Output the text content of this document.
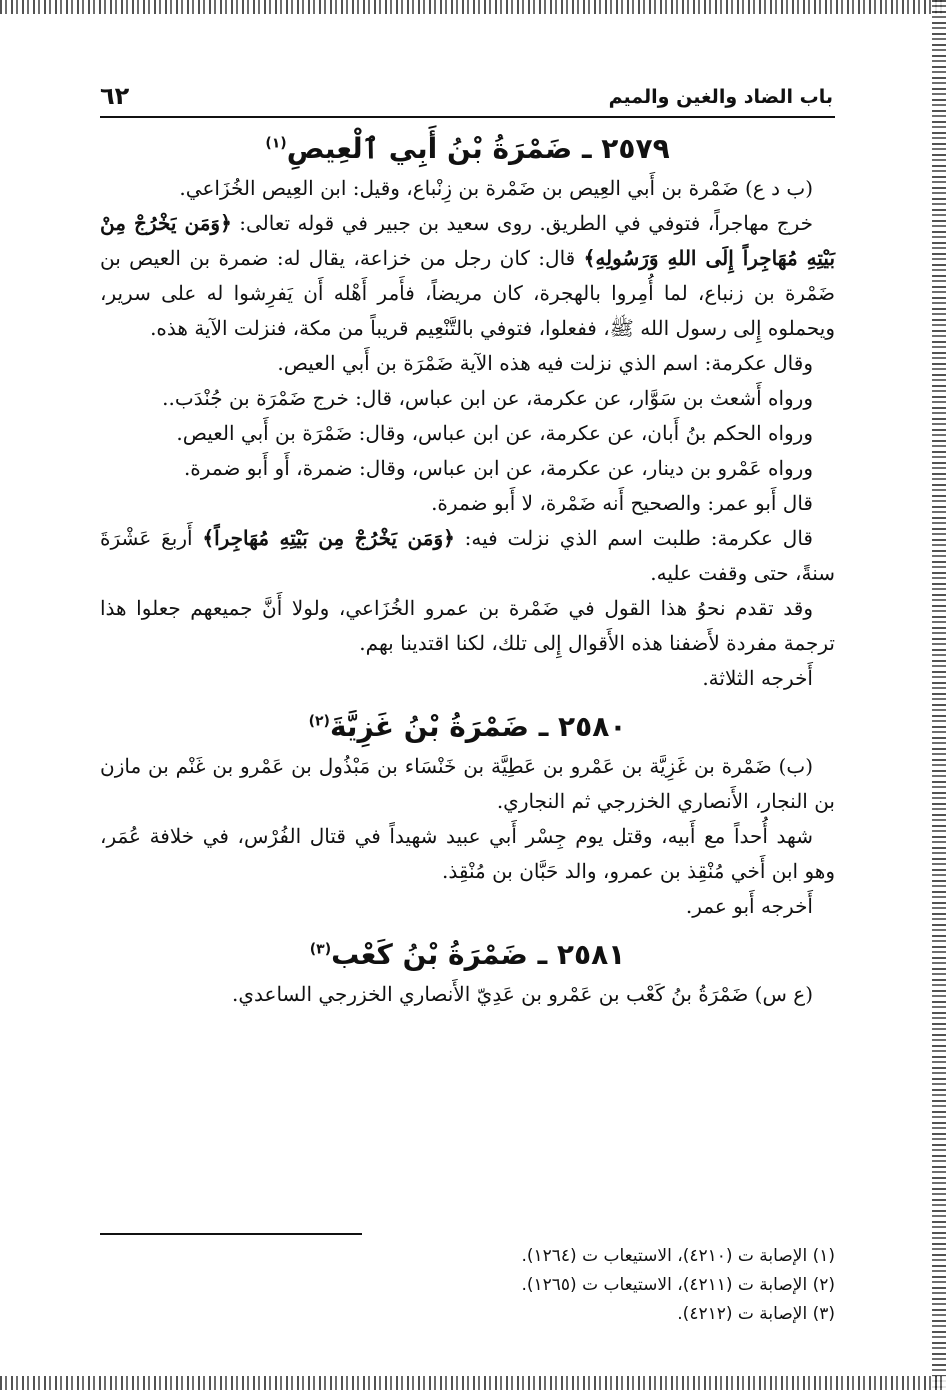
باب الضاد والغين والميم
٦٢
٢٥٧٩ ـ ضَمْرَةُ بْنُ أَبِي ٱلْعِيصِ$^{(١)}$

(ب د ع) ضَمْرة بن أَبي العِيص بن ضَمْرة بن زِنْباع، وقيل: ابن العِيص الخُزَاعي.

خرج مهاجراً، فتوفي في الطريق. روى سعيد بن جبير في قوله تعالى: ﴿وَمَن يَخْرُجْ مِنْ بَيْتِهِ مُهَاجِراً إِلَى اللهِ وَرَسُولِهِ﴾ قال: كان رجل من خزاعة، يقال له: ضمرة بن العيص بن ضَمْرة بن زنباع، لما أُمِروا بالهجرة، كان مريضاً، فأَمر أَهْله أَن يَفرِشوا له على سرير، ويحملوه إِلى رسول الله ﷺ، ففعلوا، فتوفي بالتَّنْعِيم قريباً من مكة، فنزلت الآية هذه.

وقال عكرمة: اسم الذي نزلت فيه هذه الآية ضَمْرَة بن أَبي العيص.

ورواه أَشعث بن سَوَّار، عن عكرمة، عن ابن عباس، قال: خرج ضَمْرَة بن جُنْدَب..

ورواه الحكم بنُ أَبان، عن عكرمة، عن ابن عباس، وقال: ضَمْرَة بن أَبي العيص.

ورواه عَمْرو بن دينار، عن عكرمة، عن ابن عباس، وقال: ضمرة، أَو أَبو ضمرة.

قال أَبو عمر: والصحيح أَنه ضَمْرة، لا أَبو ضمرة.

قال عكرمة: طلبت اسم الذي نزلت فيه: ﴿وَمَن يَخْرُجْ مِن بَيْتِهِ مُهَاجِراً﴾ أَربعَ عَشْرَةَ سنةً، حتى وقفت عليه.

وقد تقدم نحوُ هذا القول في ضَمْرة بن عمرو الخُزَاعي، ولولا أَنَّ جميعهم جعلوا هذا ترجمة مفردة لأَضفنا هذه الأَقوال إِلى تلك، لكنا اقتدينا بهم.

أَخرجه الثلاثة.

٢٥٨٠ ـ ضَمْرَةُ بْنُ غَزِيَّةَ$^{(٢)}$

(ب) ضَمْرة بن غَزِيَّة بن عَمْرو بن عَطِيَّة بن خَنْسَاء بن مَبْذُول بن عَمْرو بن غَنْم بن مازن بن النجار، الأَنصاري الخزرجي ثم النجاري.

شهد أُحداً مع أَبيه، وقتل يوم جِسْر أَبي عبيد شهيداً في قتال الفُرْس، في خلافة عُمَر، وهو ابن أَخي مُنْقِذ بن عمرو، والد حَبَّان بن مُنْقِذ.

أَخرجه أَبو عمر.

٢٥٨١ ـ ضَمْرَةُ بْنُ كَعْب$^{(٣)}$

(ع س) ضَمْرَةُ بنُ كَعْب بن عَمْرو بن عَدِيّ الأَنصاري الخزرجي الساعدي.

(١) الإصابة ت (٤٢١٠)، الاستيعاب ت (١٢٦٤).
(٢) الإصابة ت (٤٢١١)، الاستيعاب ت (١٢٦٥).
(٣) الإصابة ت (٤٢١٢).
